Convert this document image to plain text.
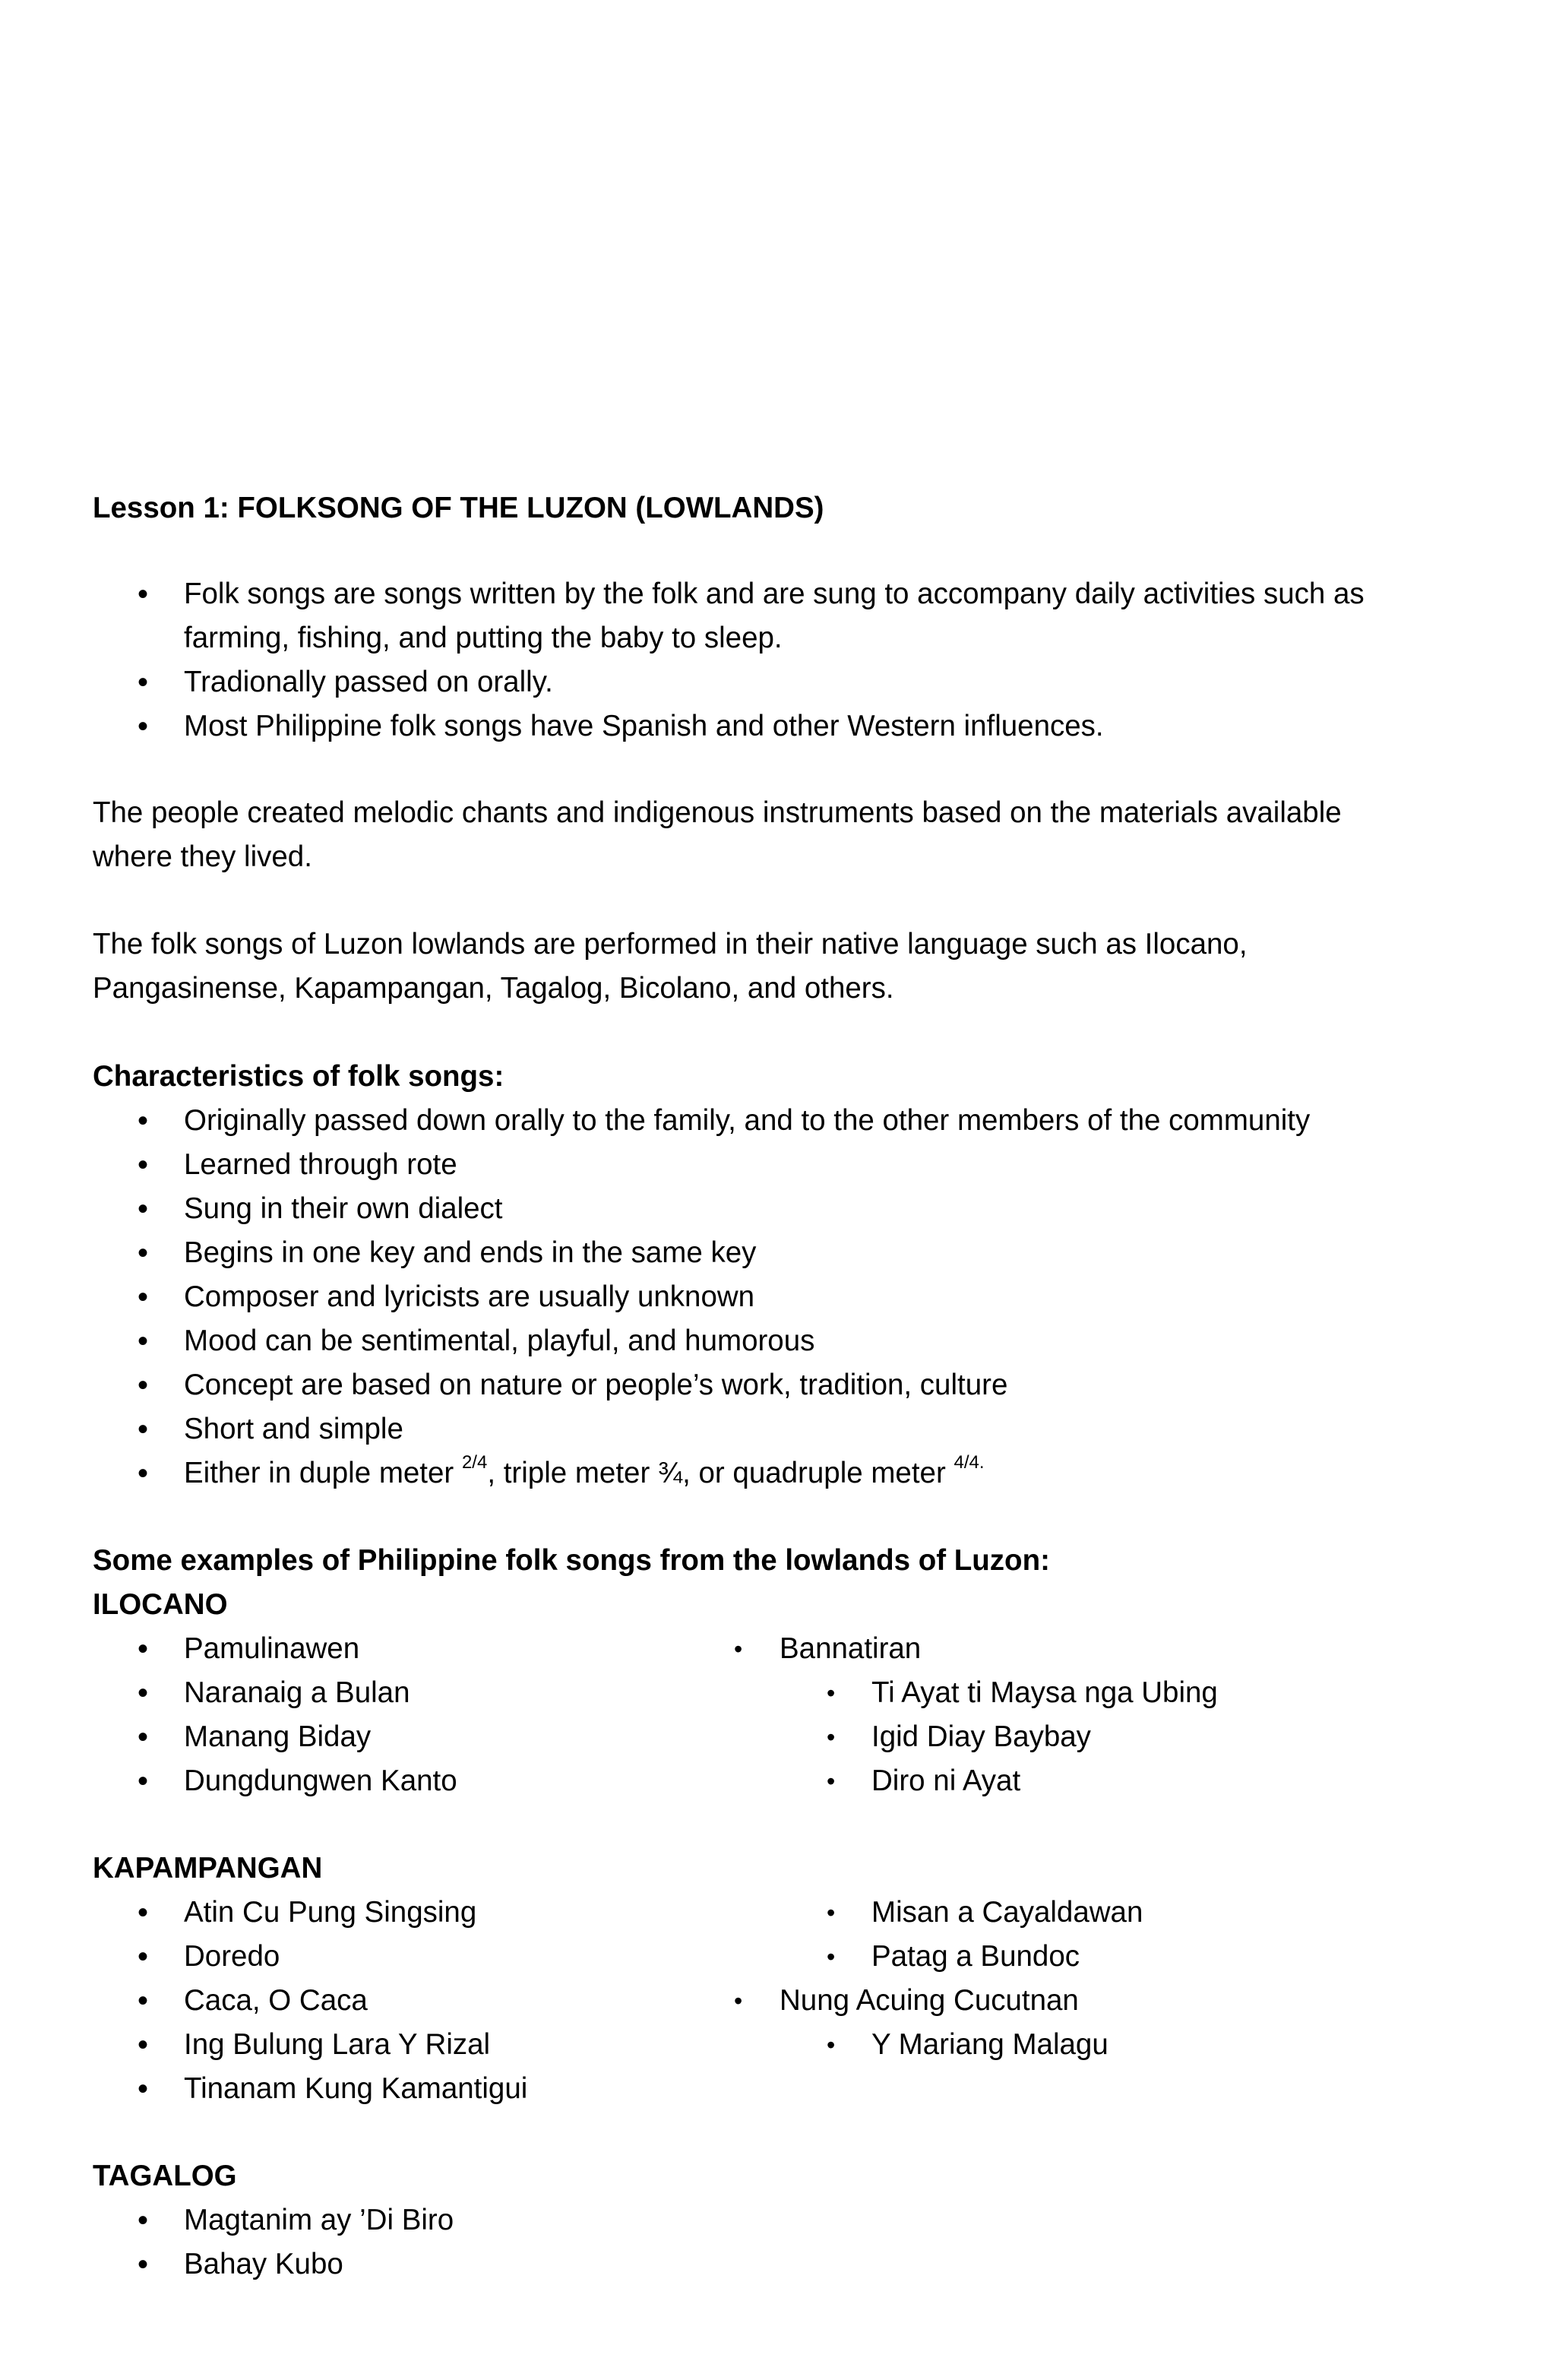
Lesson 1: FOLKSONG OF THE LUZON (LOWLANDS)
• Folk songs are songs written by the folk and are sung to accompany daily activities such as
farming, fishing, and putting the baby to sleep.
• Tradionally passed on orally.
• Most Philippine folk songs have Spanish and other Western influences.
The people created melodic chants and indigenous instruments based on the materials available
where they lived.
The folk songs of Luzon lowlands are performed in their native language such as Ilocano,
Pangasinense, Kapampangan, Tagalog, Bicolano, and others.
Characteristics of folk songs:
• Originally passed down orally to the family, and to the other members of the community
• Learned through rote
• Sung in their own dialect
• Begins in one key and ends in the same key
• Composer and lyricists are usually unknown
• Mood can be sentimental, playful, and humorous
• Concept are based on nature or people’s work, tradition, culture
• Short and simple
• Either in duple meter $^{2/4}$, triple meter ¾, or quadruple meter $^{4/4.}$
Some examples of Philippine folk songs from the lowlands of Luzon:
ILOCANO
• Pamulinawen
• Naranaig a Bulan
• Manang Biday
• Dungdungwen Kanto
• Bannatiran
• Ti Ayat ti Maysa nga Ubing
• Igid Diay Baybay
• Diro ni Ayat
KAPAMPANGAN
• Atin Cu Pung Singsing
• Doredo
• Caca, O Caca
• Ing Bulung Lara Y Rizal
• Tinanam Kung Kamantigui
• Misan a Cayaldawan
• Patag a Bundoc
• Nung Acuing Cucutnan
• Y Mariang Malagu
TAGALOG
• Magtanim ay ’Di Biro
• Bahay Kubo
